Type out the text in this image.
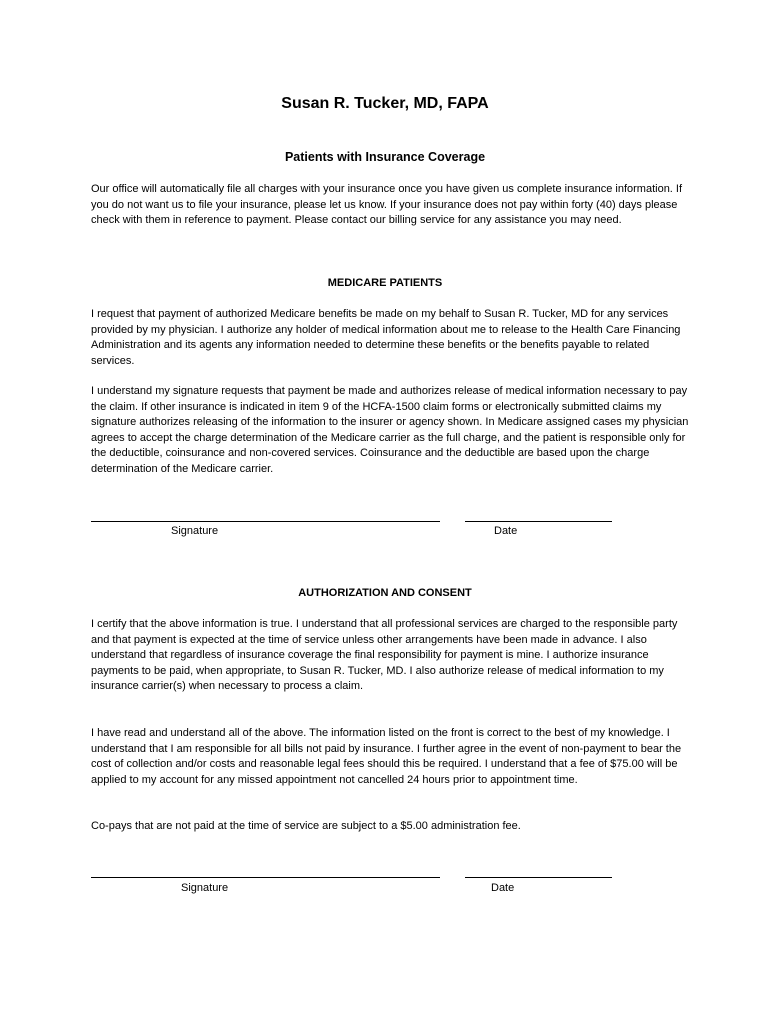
Susan R. Tucker, MD, FAPA
Patients with Insurance Coverage

Our office will automatically file all charges with your insurance once you have given us complete insurance information. If you do not want us to file your insurance, please let us know. If your insurance does not pay within forty (40) days please check with them in reference to payment. Please contact our billing service for any assistance you may need.

MEDICARE PATIENTS

I request that payment of authorized Medicare benefits be made on my behalf to Susan R. Tucker, MD for any services provided by my physician. I authorize any holder of medical information about me to release to the Health Care Financing Administration and its agents any information needed to determine these benefits or the benefits payable to related services.

I understand my signature requests that payment be made and authorizes release of medical information necessary to pay the claim. If other insurance is indicated in item 9 of the HCFA-1500 claim forms or electronically submitted claims my signature authorizes releasing of the information to the insurer or agency shown. In Medicare assigned cases my physician agrees to accept the charge determination of the Medicare carrier as the full charge, and the patient is responsible only for the deductible, coinsurance and non-covered services. Coinsurance and the deductible are based upon the charge determination of the Medicare carrier.

Signature	Date
AUTHORIZATION AND CONSENT

I certify that the above information is true. I understand that all professional services are charged to the responsible party and that payment is expected at the time of service unless other arrangements have been made in advance. I also understand that regardless of insurance coverage the final responsibility for payment is mine. I authorize insurance payments to be paid, when appropriate, to Susan R. Tucker, MD. I also authorize release of medical information to my insurance carrier(s) when necessary to process a claim.

I have read and understand all of the above. The information listed on the front is correct to the best of my knowledge. I understand that I am responsible for all bills not paid by insurance. I further agree in the event of non-payment to bear the cost of collection and/or costs and reasonable legal fees should this be required. I understand that a fee of $75.00 will be applied to my account for any missed appointment not cancelled 24 hours prior to appointment time.

Co-pays that are not paid at the time of service are subject to a $5.00 administration fee.

Signature	Date
